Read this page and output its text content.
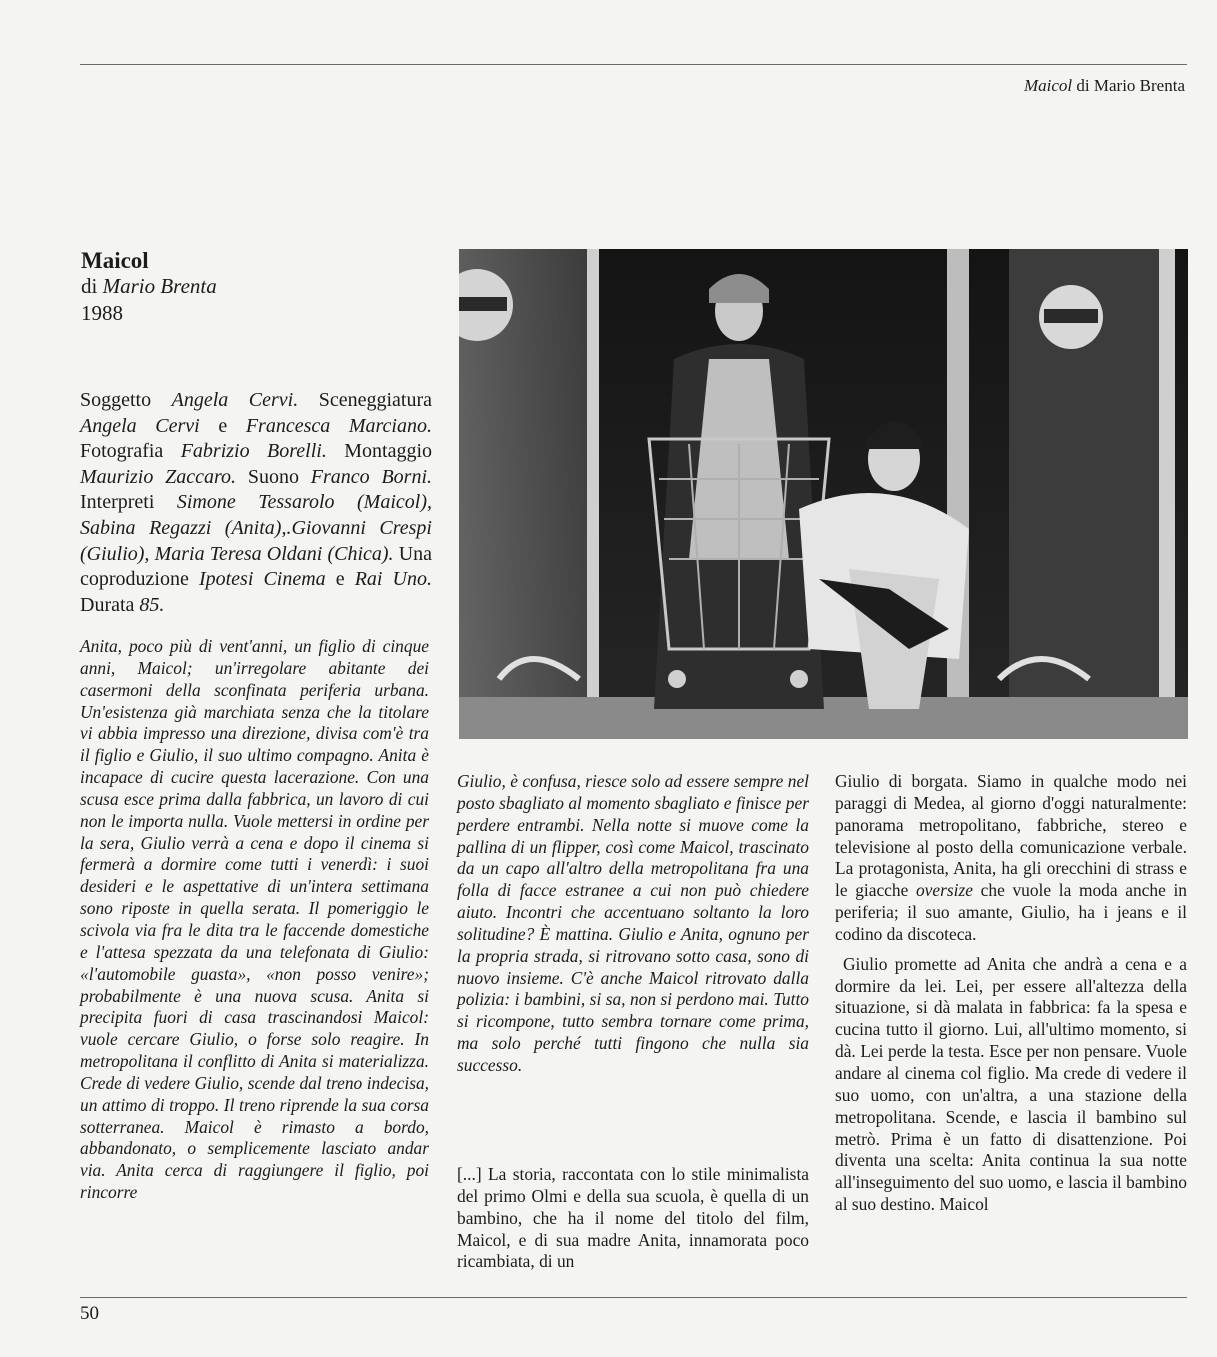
Maicol di Mario Brenta
Maicol
di Mario Brenta
1988
Soggetto Angela Cervi. Sceneggiatura Angela Cervi e Francesca Marciano. Fotografia Fabrizio Borelli. Montaggio Maurizio Zaccaro. Suono Franco Borni. Interpreti Simone Tessarolo (Maicol), Sabina Regazzi (Anita),.Giovanni Crespi (Giulio), Maria Teresa Oldani (Chica). Una coproduzione Ipotesi Cinema e Rai Uno. Durata 85.
Anita, poco più di vent'anni, un figlio di cinque anni, Maicol; un'irregolare abitante dei casermoni della sconfinata periferia urbana. Un'esistenza già marchiata senza che la titolare vi abbia impresso una direzione, divisa com'è tra il figlio e Giulio, il suo ultimo compagno. Anita è incapace di cucire questa lacerazione. Con una scusa esce prima dalla fabbrica, un lavoro di cui non le importa nulla. Vuole mettersi in ordine per la sera, Giulio verrà a cena e dopo il cinema si fermerà a dormire come tutti i venerdì: i suoi desideri e le aspettative di un'intera settimana sono riposte in quella serata. Il pomeriggio le scivola via fra le dita tra le faccende domestiche e l'attesa spezzata da una telefonata di Giulio: «l'automobile guasta», «non posso venire»; probabilmente è una nuova scusa. Anita si precipita fuori di casa trascinandosi Maicol: vuole cercare Giulio, o forse solo reagire. In metropolitana il conflitto di Anita si materializza. Crede di vedere Giulio, scende dal treno indecisa, un attimo di troppo. Il treno riprende la sua corsa sotterranea. Maicol è rimasto a bordo, abbandonato, o semplicemente lasciato andar via. Anita cerca di raggiungere il figlio, poi rincorre
Giulio, è confusa, riesce solo ad essere sempre nel posto sbagliato al momento sbagliato e finisce per perdere entrambi. Nella notte si muove come la pallina di un flipper, così come Maicol, trascinato da un capo all'altro della metropolitana fra una folla di facce estranee a cui non può chiedere aiuto. Incontri che accentuano soltanto la loro solitudine? È mattina. Giulio e Anita, ognuno per la propria strada, si ritrovano sotto casa, sono di nuovo insieme. C'è anche Maicol ritrovato dalla polizia: i bambini, si sa, non si perdono mai. Tutto si ricompone, tutto sembra tornare come prima, ma solo perché tutti fingono che nulla sia successo.
[...] La storia, raccontata con lo stile minimalista del primo Olmi e della sua scuola, è quella di un bambino, che ha il nome del titolo del film, Maicol, e di sua madre Anita, innamorata poco ricambiata, di un

Giulio di borgata. Siamo in qualche modo nei paraggi di Medea, al giorno d'oggi naturalmente: panorama metropolitano, fabbriche, stereo e televisione al posto della comunicazione verbale. La protagonista, Anita, ha gli orecchini di strass e le giacche oversize che vuole la moda anche in periferia; il suo amante, Giulio, ha i jeans e il codino da discoteca.

Giulio promette ad Anita che andrà a cena e a dormire da lei. Lei, per essere all'altezza della situazione, si dà malata in fabbrica: fa la spesa e cucina tutto il giorno. Lui, all'ultimo momento, si dà. Lei perde la testa. Esce per non pensare. Vuole andare al cinema col figlio. Ma crede di vedere il suo uomo, con un'altra, a una stazione della metropolitana. Scende, e lascia il bambino sul metrò. Prima è un fatto di disattenzione. Poi diventa una scelta: Anita continua la sua notte all'inseguimento del suo uomo, e lascia il bambino al suo destino. Maicol

50
